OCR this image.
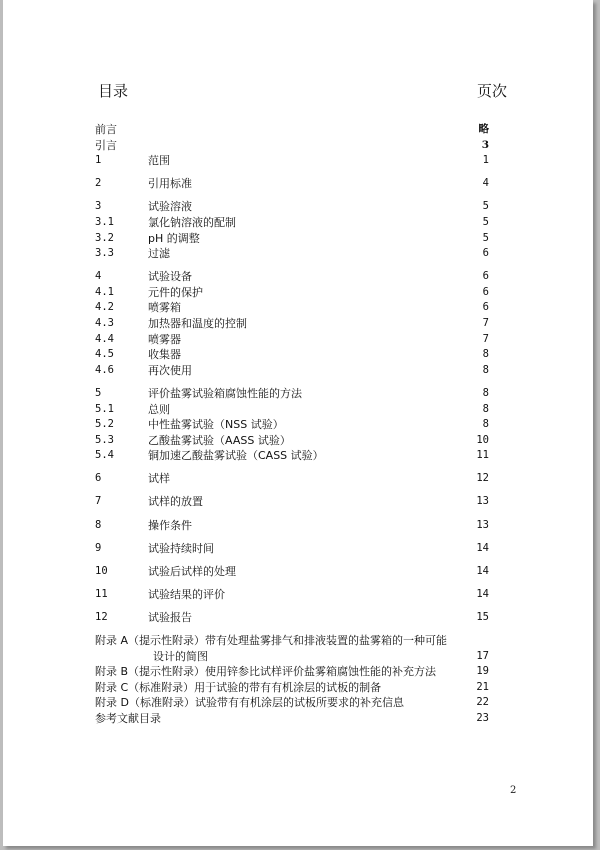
目录	页次
前言	略
引言	3
1	范围	1
2	引用标准	4
3	试验溶液	5
3.1	氯化钠溶液的配制	5
3.2	pH 的调整	5
3.3	过滤	6
4	试验设备	6
4.1	元件的保护	6
4.2	喷雾箱	6
4.3	加热器和温度的控制	7
4.4	喷雾器	7
4.5	收集器	8
4.6	再次使用	8
5	评价盐雾试验箱腐蚀性能的方法	8
5.1	总则	8
5.2	中性盐雾试验（NSS 试验）	8
5.3	乙酸盐雾试验（AASS 试验）	10
5.4	铜加速乙酸盐雾试验（CASS 试验）	11
6	试样	12
7	试样的放置	13
8	操作条件	13
9	试验持续时间	14
10	试验后试样的处理	14
11	试验结果的评价	14
12	试验报告	15
附录 A（提示性附录）带有处理盐雾排气和排液装置的盐雾箱的一种可能
设计的简图	17
附录 B（提示性附录）使用锌参比试样评价盐雾箱腐蚀性能的补充方法	19
附录 C（标准附录）用于试验的带有有机涂层的试板的制备	21
附录 D（标准附录）试验带有有机涂层的试板所要求的补充信息	22
参考文献目录	23
2
